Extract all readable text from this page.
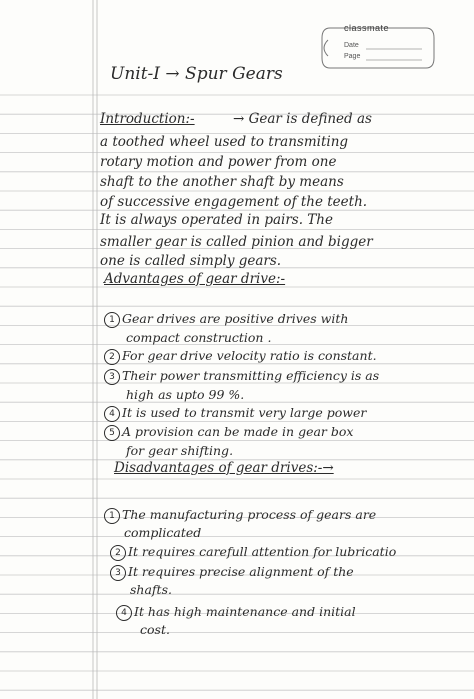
classmate
Date
Page
Unit-I → Spur Gears
Introduction:-	→ Gear is defined as
a toothed wheel used to transmiting
rotary motion and power from one
shaft to the another shaft by means
of successive engagement of the teeth.
It is always operated in pairs. The
smaller gear is called pinion and bigger
one is called simply gears.
Advantages of gear drive:-
1 Gear drives are positive drives with
compact construction .
2 For gear drive velocity ratio is constant.
3 Their power transmitting efficiency is as
high as upto 99 %.
4 It is used to transmit very large power
5 A provision can be made in gear box
for gear shifting.
Disadvantages of gear drives:-→
1 The manufacturing process of gears are
complicated
2 It requires carefull attention for lubricatio
3 It requires precise alignment of the
shafts.
4 It has high maintenance and initial
cost.
